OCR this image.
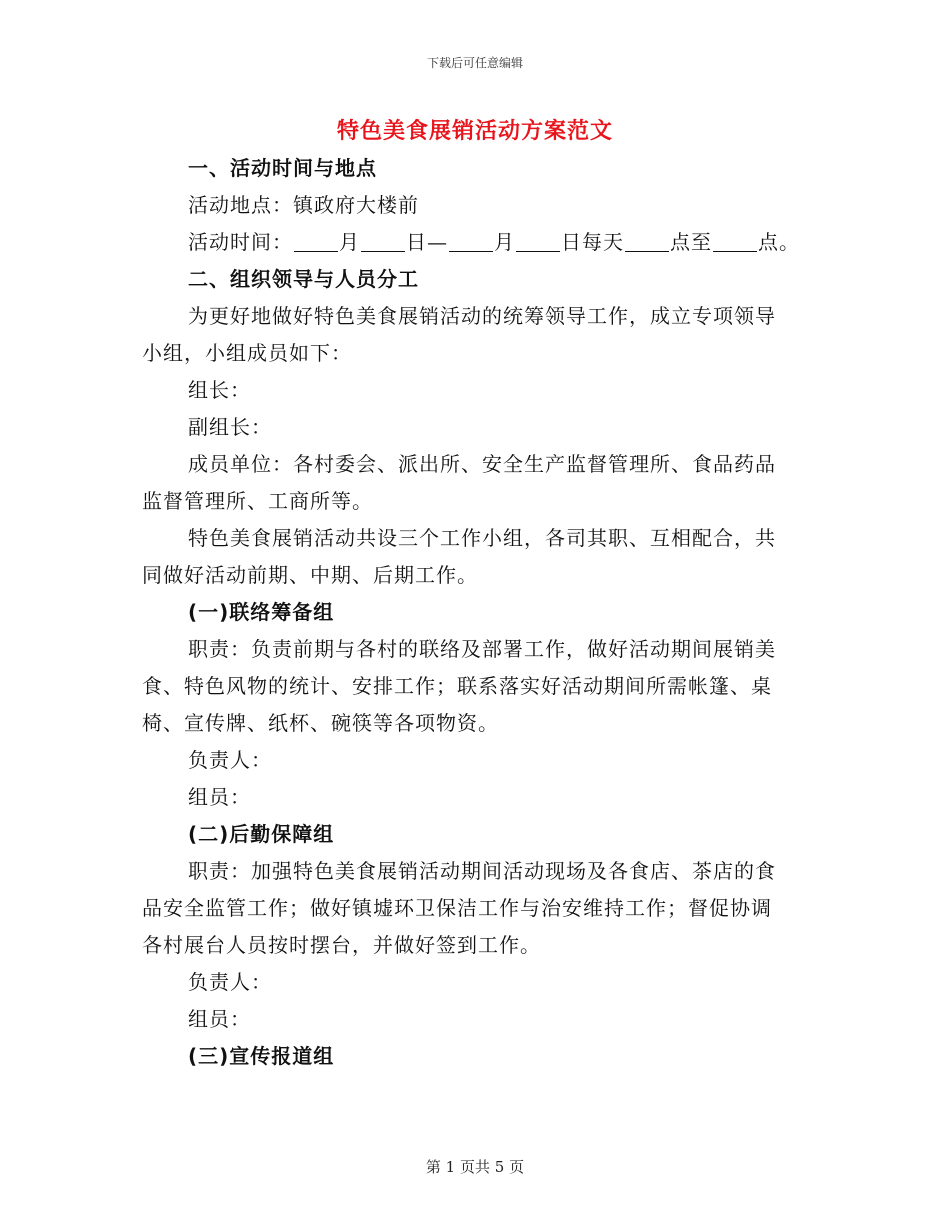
下载后可任意编辑
特色美食展销活动方案范文
一、活动时间与地点
活动地点：镇政府大楼前
活动时间： 月 日— 月 日每天 点至 点。
二、组织领导与人员分工
为更好地做好特色美食展销活动的统筹领导工作，成立专项领导
小组，小组成员如下：
组长：
副组长：
成员单位：各村委会、派出所、安全生产监督管理所、食品药品
监督管理所、工商所等。
特色美食展销活动共设三个工作小组，各司其职、互相配合，共
同做好活动前期、中期、后期工作。
(一)联络筹备组
职责：负责前期与各村的联络及部署工作，做好活动期间展销美
食、特色风物的统计、安排工作；联系落实好活动期间所需帐篷、桌
椅、宣传牌、纸杯、碗筷等各项物资。
负责人：
组员：
(二)后勤保障组
职责：加强特色美食展销活动期间活动现场及各食店、茶店的食
品安全监管工作；做好镇墟环卫保洁工作与治安维持工作；督促协调
各村展台人员按时摆台，并做好签到工作。
负责人：
组员：
(三)宣传报道组
第 1 页共 5 页
